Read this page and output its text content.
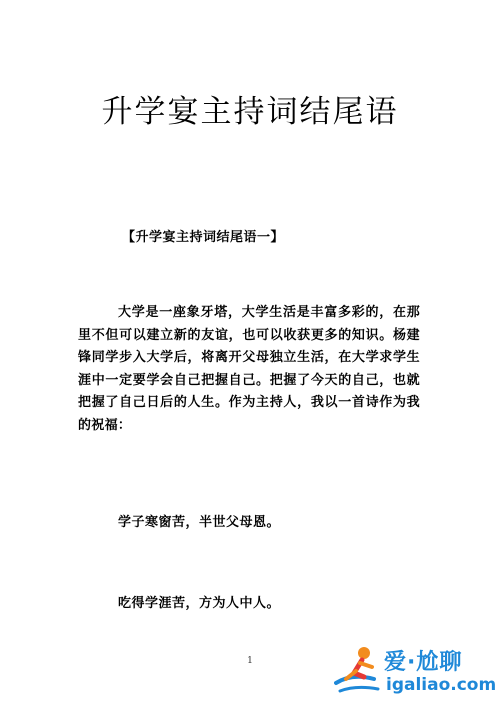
升学宴主持词结尾语
【升学宴主持词结尾语一】

大学是一座象牙塔，大学生活是丰富多彩的，在那里不但可以建立新的友谊，也可以收获更多的知识。杨建锋同学步入大学后，将离开父母独立生活，在大学求学生涯中一定要学会自己把握自己。把握了今天的自己，也就把握了自己日后的人生。作为主持人，我以一首诗作为我的祝福：

学子寒窗苦，半世父母恩。
吃得学涯苦，方为人中人。
1	爱·尬聊
igaliao.com
